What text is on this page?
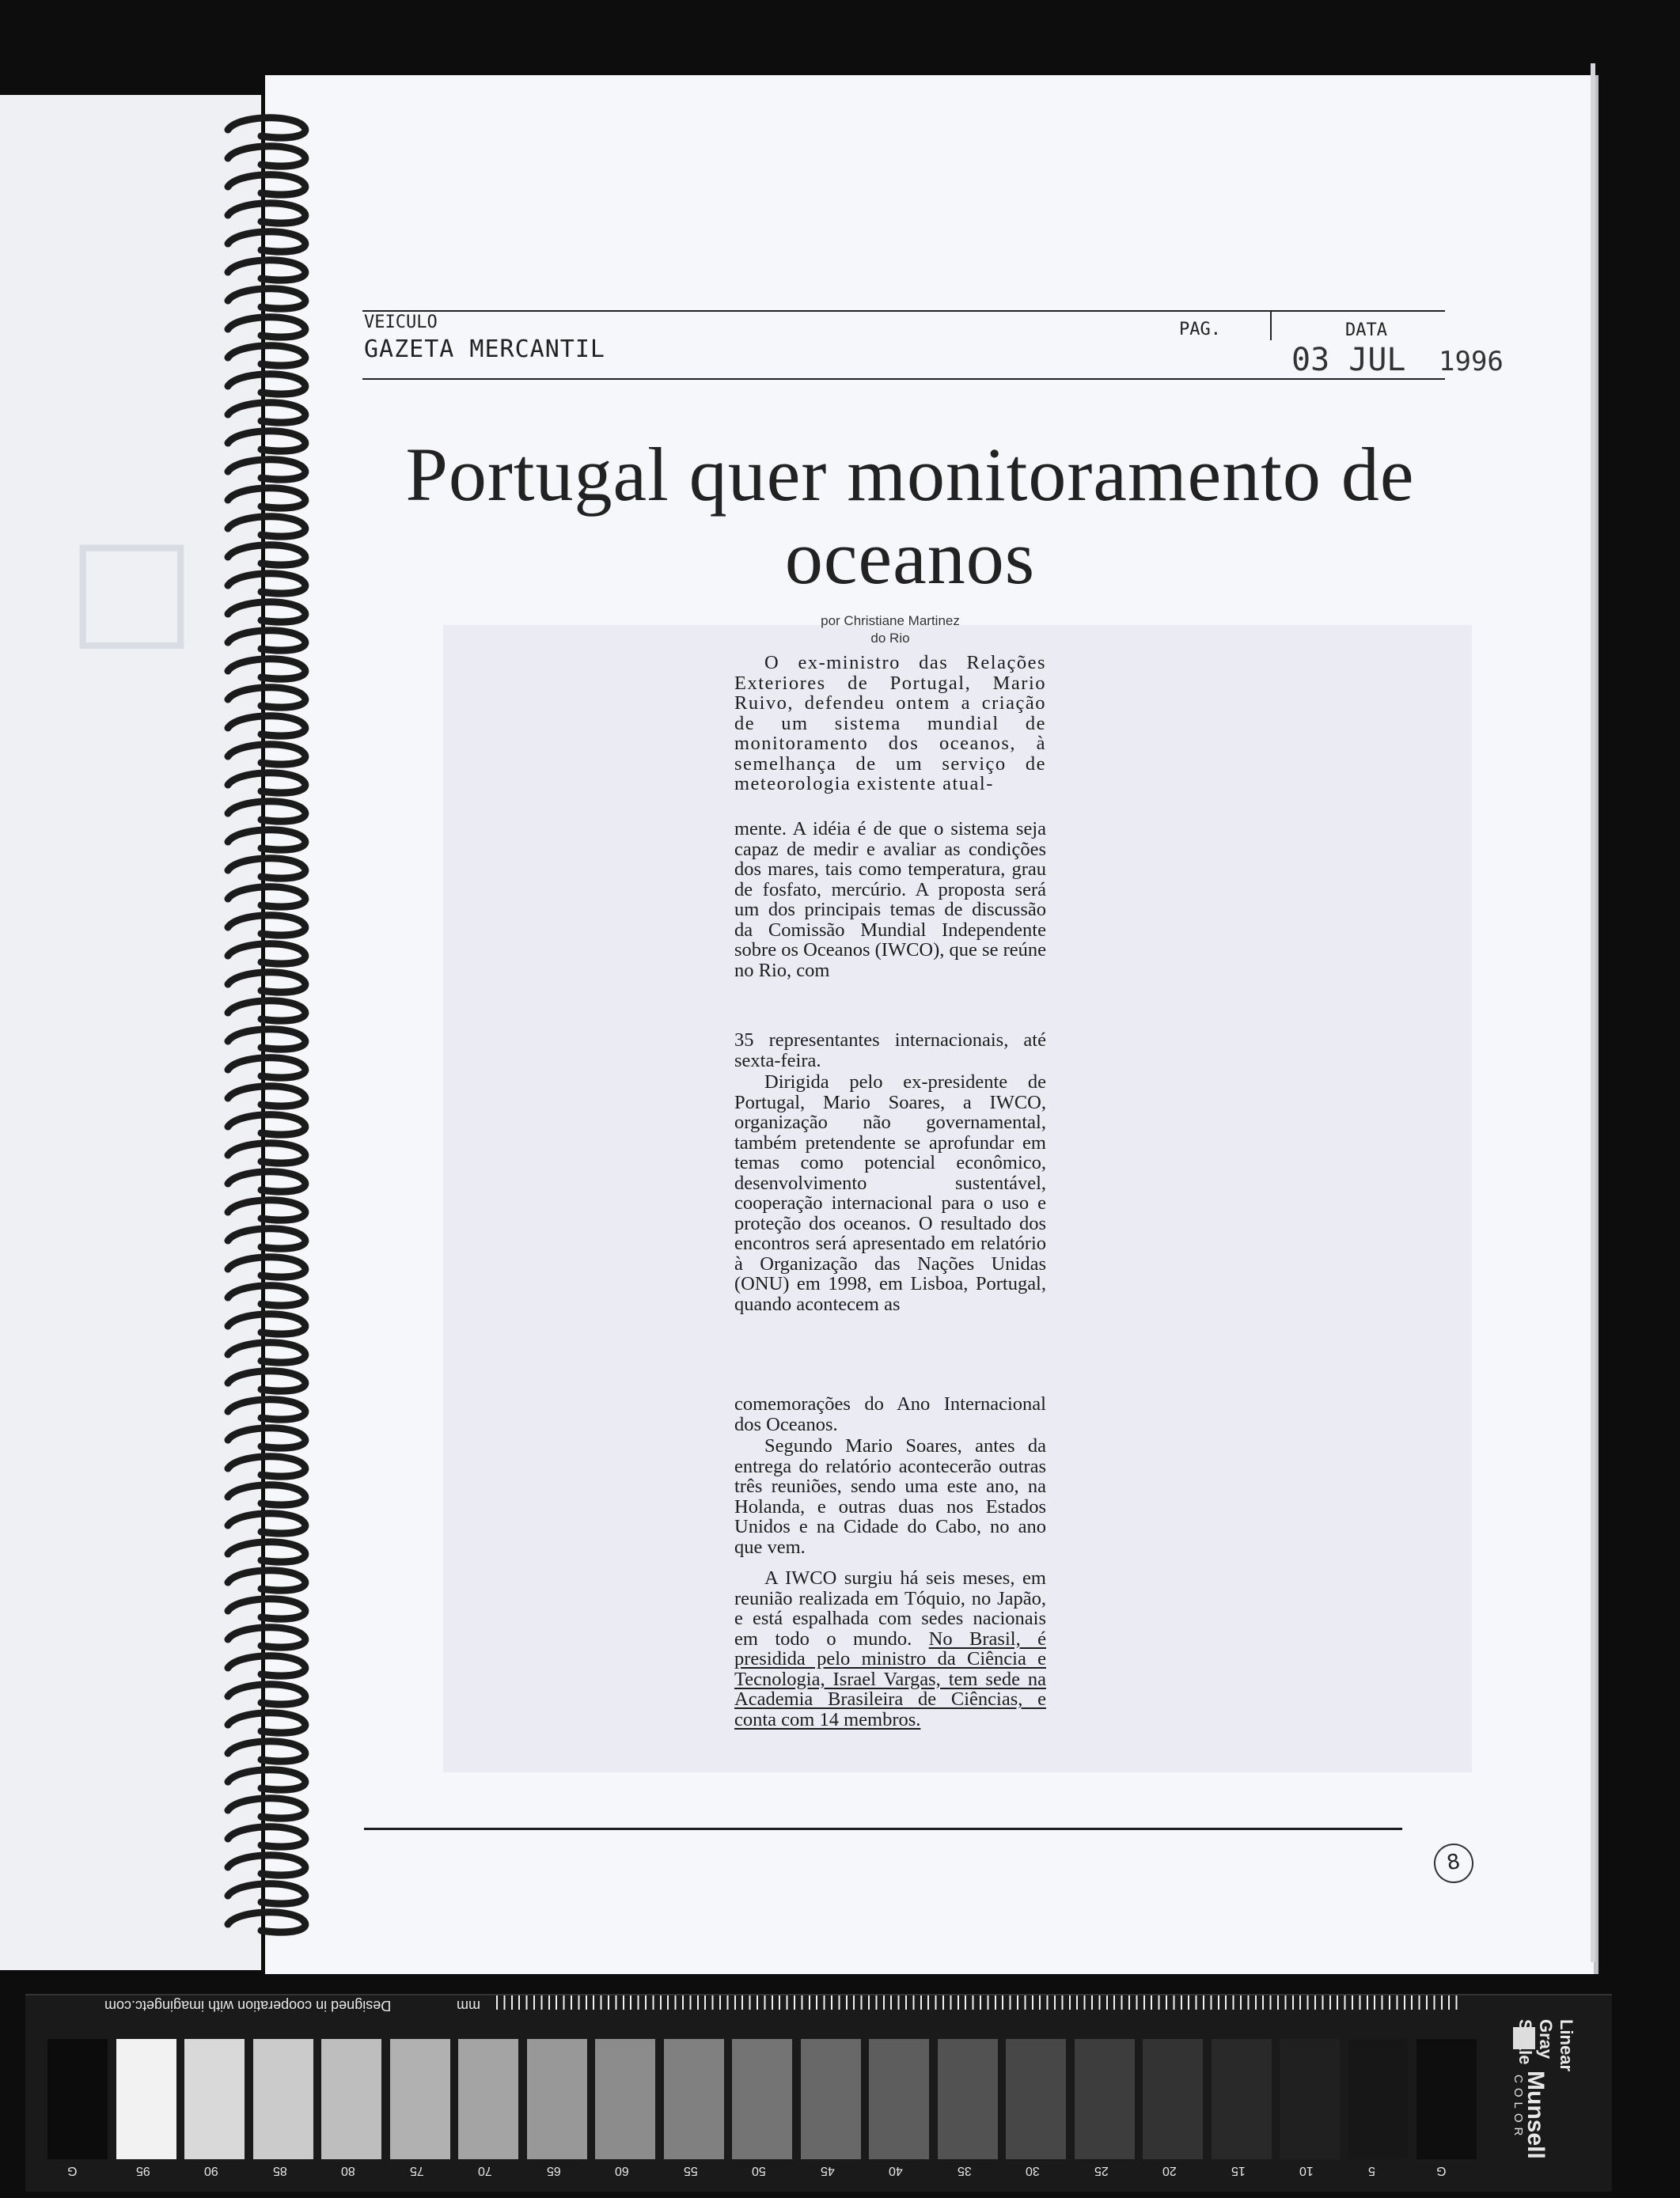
□
VEICULO
GAZETA MERCANTIL
PAG.	DATA
03 JUL 1996
Portugal quer monitoramento de
oceanos
por Christiane Martinez
do Rio

O ex-ministro das Relações Exteriores de Portugal, Mario Ruivo, defendeu ontem a criação de um sistema mundial de monitoramento dos oceanos, à semelhança de um serviço de meteorologia existente atual-

mente. A idéia é de que o sistema seja capaz de medir e avaliar as condições dos mares, tais como temperatura, grau de fosfato, mercúrio. A proposta será um dos principais temas de discussão da Comissão Mundial Independente sobre os Oceanos (IWCO), que se reúne no Rio, com

35 representantes internacionais, até sexta-feira.

Dirigida pelo ex-presidente de Portugal, Mario Soares, a IWCO, organização não governamental, também pretendente se aprofundar em temas como potencial econômico, desenvolvimento sustentável, cooperação internacional para o uso e proteção dos oceanos. O resultado dos encontros será apresentado em relatório à Organização das Nações Unidas (ONU) em 1998, em Lisboa, Portugal, quando acontecem as

comemorações do Ano Internacional dos Oceanos.

Segundo Mario Soares, antes da entrega do relatório acontecerão outras três reuniões, sendo uma este ano, na Holanda, e outras duas nos Estados Unidos e na Cidade do Cabo, no ano que vem.

A IWCO surgiu há seis meses, em reunião realizada em Tóquio, no Japão, e está espalhada com sedes nacionais em todo o mundo. No Brasil, é presidida pelo ministro da Ciência e Tecnologia, Israel Vargas, tem sede na Academia Brasileira de Ciências, e conta com 14 membros.

8
mm
Designed in cooperation with imagingetc.com
G	95	90	85	80	75	70	65	60	55	50	45	40	35	30	25	20	15	10	5	G
Munsell
COLOR
Linear Gray
